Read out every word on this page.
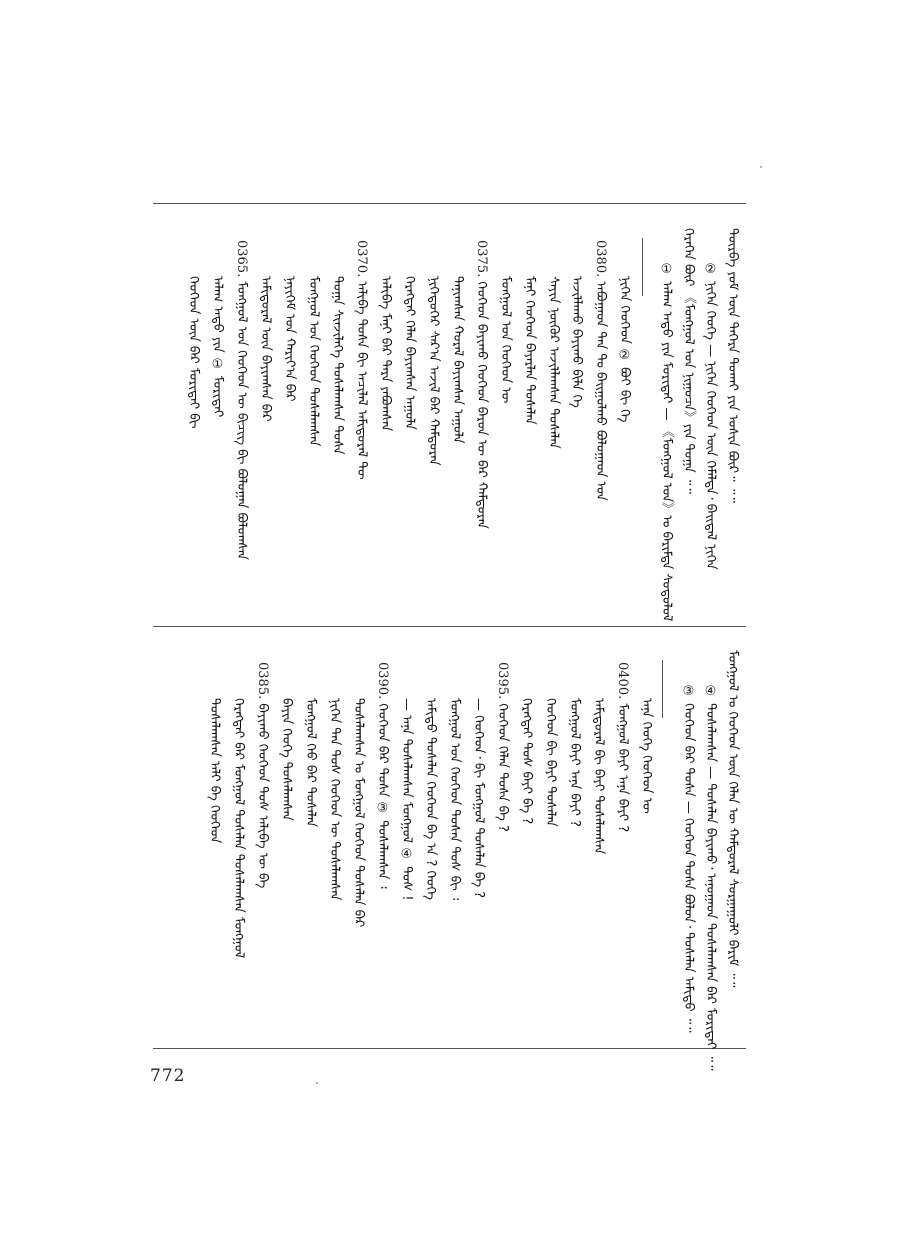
ᠳᠦᠷᠪᠡ ᠶᠤᠮ ᠦᠨ ᠳᠡᠭᠡᠷᠡ ᠲᠤᠬᠠᠢ ᠶᠢᠨ ᠤᠰᠢᠨ ᠪᠦᠷ᠃ ᠃᠃
② ᠨᠢᠭᠡᠨ ᠬᠡᠦᠬᠡ — ᠨᠢᠭᠡᠨ ᠬᠡᠦᠬᠡᠳ ᠦᠨ ᠬᠡᠮᠡᠯᠳᠡ᠂ ᠪᠠᠢᠳᠠᠯ ᠨᠢᠭᠡᠨ
ᠭᠡᠷᠡᠭᠡᠨ ᠪᠦᠷ 《ᠮᠣᠩᠭᠣᠯ ᠤᠨ ᠨᠢᠭᠤᠴᠠ》ᠶᠢᠨ ᠲᠣᠭᠠ ᠃᠃
① ᠠᠯᠠᠭ ᠠᠳᠤ ᠶᠢᠨ ᠮᠣᠷᠢᠳᠠᠢ — 《ᠮᠣᠩᠭᠣᠯ ᠤᠨ》ᠤ ᠪᠠᠷᠢᠮᠲᠠ ᠰᠤᠳᠤᠯᠤᠯ
ᠨᠢᠭᠡᠨ ᠬᠡᠦᠬᠡᠳ ② ᠪᠤᠢ ᠪᠢ ᠬᠡ
0380. ᠠᠪᠤᠭᠠᠳ ᠲᠠᠨ ᠲᠤ ᠪᠠᠢᠭᠤᠯᠬᠤ ᠪᠣᠯᠤᠭᠠᠳ ᠤᠨ
ᠠᠵᠢᠯᠯᠠᠬᠤ ᠪᠠᠶᠢᠬᠤ ᠪᠢᠯᠡ ᠬᠡ
ᠰᠠᠶᠢᠨ ᠨᠥᠬᠦᠷ ᠠᠵᠢᠯᠯᠠᠭᠰᠠᠨ ᠲᠤᠰᠠᠯᠠᠨ
ᠮᠠᠨᠢ ᠬᠡᠦᠬᠡᠳ ᠪᠠᠶᠠᠷᠯᠠᠨ ᠲᠤᠰᠠᠯᠠᠨ
ᠮᠣᠩᠭᠣᠯ ᠤᠨ ᠬᠡᠦᠬᠡᠳ ᠦ
0375. ᠬᠡᠦᠬᠡᠳ ᠪᠠᠶᠢᠬᠤ ᠬᠡᠦᠬᠡᠳ ᠪᠠᠷᠤᠨ ᠦ ᠪᠡᠷ ᠬᠠᠮᠲᠤᠷᠠᠨ
ᠲᠠᠨᠢᠭᠰᠠᠨ ᠬᠤᠷᠠᠯ ᠪᠠᠶᠢᠭᠰᠠᠨ ᠠᠭᠤᠯᠠ
ᠨᠢᠭᠡᠳᠦᠭᠡᠷ ᠰᠠᠷ᠎ᠠ ᠠᠵᠢᠯ ᠪᠠᠷ ᠬᠠᠮᠲᠤᠷᠠᠨ
ᠬᠡᠷᠡᠭᠲᠡᠢ ᠬᠡᠯᠡᠨ ᠪᠠᠶᠢᠭᠰᠠᠨ ᠠᠭᠤᠯᠠ
ᠠᠯᠢᠪᠠ ᠮᠠᠨᠢ ᠪᠠᠷ ᠲᠡᠷᠡ ᠶᠠᠪᠤᠭᠰᠠᠨ
0370. ᠠᠯᠢᠪᠠ ᠲᠤᠰᠠ ᠪᠢ ᠠᠴᠢᠯᠠᠯ ᠠᠮᠢᠳᠤᠷᠠᠯ ᠲᠦ
ᠲᠣᠭᠠ ᠰᠢᠨᠵᠢᠯᠡᠭᠡ ᠲᠤᠰᠠᠯᠠᠭᠰᠠᠨ ᠲᠤᠰᠠ
ᠮᠣᠩᠭᠣᠯ ᠤᠨ ᠬᠡᠦᠬᠡᠳ ᠲᠤᠰᠠᠯᠠᠭᠰᠠᠨ
ᠨᠡᠶᠢᠭᠡᠮ ᠤᠨ ᠬᠠᠷᠢᠶ᠎ᠠ ᠪᠠᠷ
ᠠᠮᠢᠳᠤᠷᠠᠯ ᠦᠨ ᠪᠠᠶᠢᠭᠰᠠᠨ ᠪᠠᠷ
0365. ᠮᠣᠩᠭᠣᠯ ᠤᠨ ᠬᠡᠦᠬᠡᠳ ᠦ ᠪᠢᠴᠢᠭ ᠪᠢ ᠪᠤᠯᠤᠭᠠᠨ ᠪᠣᠯᠤᠭᠰᠠᠨ
ᠠᠯᠠᠭ ᠠᠳᠤ ᠶᠢᠨ ① ᠮᠣᠷᠢᠳᠠᠢ
ᠬᠡᠦᠬᠡᠳ ᠦᠨ ᠪᠡᠷ ᠮᠣᠷᠢᠳᠠᠢ ᠪᠢ
ᠮᠣᠩᠭᠣᠯ ᠤ ᠬᠡᠦᠬᠡᠳ ᠦᠨ ᠬᠡᠯᠡᠨ ᠦ ᠬᠠᠮᠲᠤᠷᠠᠯ ᠰᠤᠷᠭᠠᠭᠤᠯᠢ ᠪᠠᠷᠢᠮ ᠃᠃
④ ᠲᠤᠰᠠᠯᠠᠭᠰᠠᠨ — ᠲᠤᠰᠠᠯᠠᠨ ᠪᠠᠶᠢᠬᠤ᠂ ᠠᠨᠤᠭᠠᠳ ᠲᠤᠰᠠᠯᠠᠭᠰᠠᠨ ᠪᠡᠷ ᠮᠣᠷᠢᠳᠠᠢ ᠃᠃
③ ᠬᠡᠦᠬᠡᠳ ᠪᠠᠷ ᠲᠤᠰᠠ — ᠬᠡᠦᠬᠡᠳ ᠲᠤᠰᠠ ᠪᠣᠯᠤᠨ᠂ ᠲᠤᠰᠠᠯᠠᠨ ᠠᠮᠢᠳᠤ ᠃᠃
ᠠᠨᠠ ᠬᠡᠦᠬᠡ ᠬᠡᠦᠬᠡᠳ ᠦ
0400. ᠮᠣᠩᠭᠣᠯ ᠪᠠᠶᠢ ᠠᠨᠠ ᠪᠠᠶᠢ ?
ᠠᠮᠢᠳᠤᠷᠠᠯ ᠪᠢ ᠪᠠᠶᠢ ᠲᠤᠰᠠᠯᠠᠭᠰᠠᠨ
ᠮᠣᠩᠭᠣᠯ ᠪᠠᠶᠢ ᠠᠨᠠ ᠪᠠᠶᠢ ?
ᠬᠡᠦᠬᠡᠳ ᠪᠢ ᠪᠠᠶᠢ ᠲᠤᠰᠠᠯᠠᠨ
ᠬᠡᠷᠡᠭᠲᠡᠢ ᠲᠤᠰ ᠪᠠᠶᠢ ᠪᠠ ?
0395. ᠬᠡᠦᠬᠡᠳ ᠬᠡᠯᠡᠨ ᠲᠤᠰᠠ ᠪᠠ ?
— ᠬᠡᠦᠬᠡᠳ᠂ ᠪᠢ ᠮᠣᠩᠭᠣᠯ ᠲᠤᠰᠠᠯᠠᠨ ᠪᠠ ?
ᠮᠣᠩᠭᠣᠯ ᠤᠨ ᠬᠡᠦᠬᠡᠳ ᠲᠤᠰᠠᠨ ᠲᠤᠰ ᠪᠢ ᠄
ᠠᠮᠢᠳᠤ ᠲᠤᠰᠠᠯᠠᠨ ᠬᠡᠦᠬᠡᠳ ᠪᠠ ᠠ ? ᠬᠡᠦᠬᠡ
— ᠠᠨᠠ ᠲᠤᠰᠠᠯᠠᠭᠰᠠᠨ ᠮᠣᠩᠭᠣᠯ ④ ᠲᠤᠰ !
0390. ᠬᠡᠦᠬᠡᠳ ᠪᠠᠷ ᠲᠤᠰᠠ ③ ᠲᠤᠰᠠᠯᠠᠭᠰᠠᠨ ᠄
ᠲᠤᠰᠠᠯᠠᠭᠰᠠᠨ ᠤ ᠮᠣᠩᠭᠣᠯ ᠬᠡᠦᠬᠡᠳ ᠲᠤᠰᠠᠯᠠᠨ ᠪᠠᠷ
ᠨᠢᠭᠡᠨ ᠲᠠᠨ ᠲᠤᠰ ᠬᠡᠦᠬᠡᠳ ᠦ ᠲᠤᠰᠠᠯᠠᠭᠰᠠᠨ
ᠮᠣᠩᠭᠣᠯ ᠬᠡᠦ ᠪᠠᠷ ᠲᠤᠰᠠᠯᠠᠨ
ᠪᠠᠶᠢᠨ ᠬᠡᠦᠬᠡ ᠲᠤᠰᠠᠯᠠᠭᠰᠠᠨ
0385. ᠪᠠᠶᠢᠬᠤ ᠬᠡᠦᠬᠡᠳ ᠲᠤᠰ ᠠᠯᠢᠪᠠ ᠦ ᠪᠠ
ᠬᠡᠷᠡᠭᠲᠡᠢ ᠪᠠᠷ ᠮᠣᠩᠭᠣᠯ ᠲᠤᠰᠠᠯᠠᠨ ᠲᠤᠰᠠᠯᠠᠭᠰᠠᠨ ᠮᠣᠩᠭᠣᠯ
ᠲᠤᠰᠠᠯᠠᠭᠰᠠᠨ ᠠᠯᠢ ᠪᠠ ᠬᠡᠦᠬᠡᠳ
772
